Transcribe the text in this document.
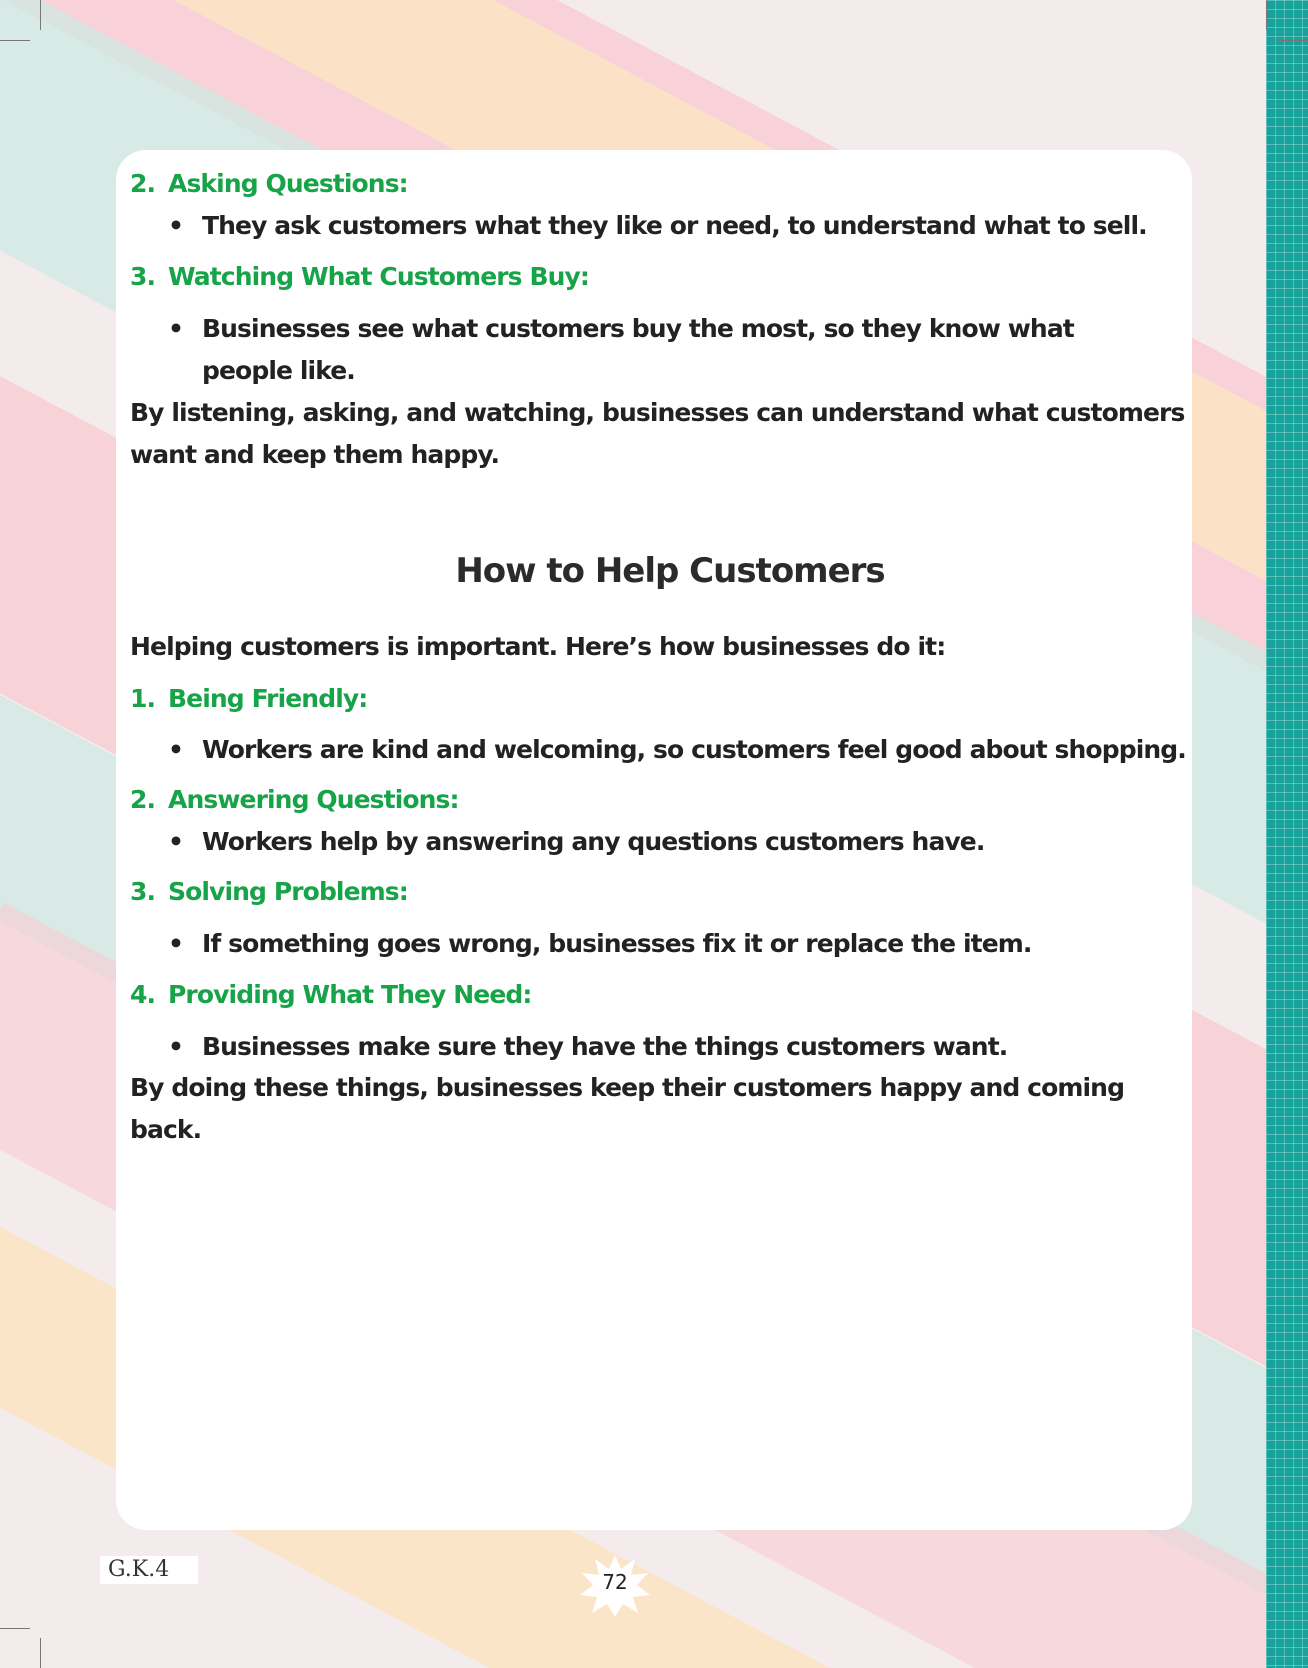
2. Asking Questions:
• They ask customers what they like or need, to understand what to sell.
3. Watching What Customers Buy:
• Businesses see what customers buy the most, so they know what
people like.
By listening, asking, and watching, businesses can understand what customers
want and keep them happy.
How to Help Customers
Helping customers is important. Here’s how businesses do it:
1. Being Friendly:
• Workers are kind and welcoming, so customers feel good about shopping.
2. Answering Questions:
• Workers help by answering any questions customers have.
3. Solving Problems:
• If something goes wrong, businesses fix it or replace the item.
4. Providing What They Need:
• Businesses make sure they have the things customers want.
By doing these things, businesses keep their customers happy and coming
back.
G.K.4	72
